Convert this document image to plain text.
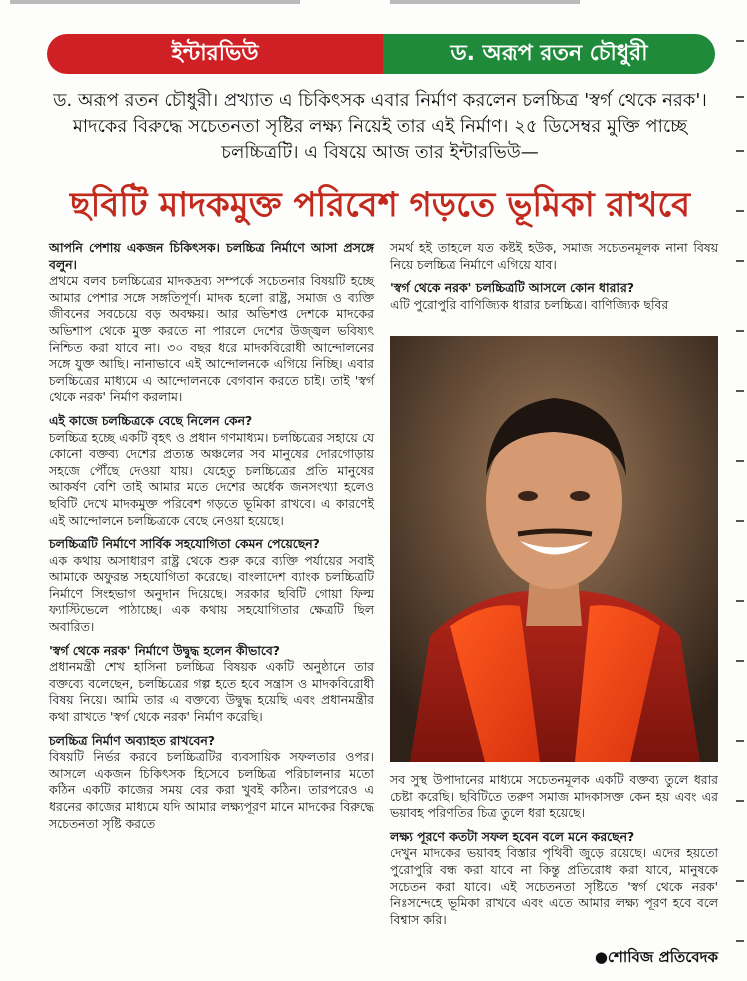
ইন্টারভিউ	ড. অরূপ রতন চৌধুরী
ড. অরূপ রতন চৌধুরী। প্রখ্যাত এ চিকিৎসক এবার নির্মাণ করলেন চলচ্চিত্র 'স্বর্গ থেকে নরক'। মাদকের বিরুদ্ধে সচেতনতা সৃষ্টির লক্ষ্য নিয়েই তার এই নির্মাণ। ২৫ ডিসেম্বর মুক্তি পাচ্ছে চলচ্চিত্রটি। এ বিষয়ে আজ তার ইন্টারভিউ—
ছবিটি মাদকমুক্ত পরিবেশ গড়তে ভূমিকা রাখবে

আপনি পেশায় একজন চিকিৎসক। চলচ্চিত্র নির্মাণে আসা প্রসঙ্গে বলুন।

প্রথমে বলব চলচ্চিত্রের মাদকদ্রব্য সম্পর্কে সচেতনার বিষয়টি হচ্ছে আমার পেশার সঙ্গে সঙ্গতিপূর্ণ। মাদক হলো রাষ্ট্র, সমাজ ও ব্যক্তি জীবনের সবচেয়ে বড় অবক্ষয়। আর অভিশপ্ত দেশকে মাদকের অভিশাপ থেকে মুক্ত করতে না পারলে দেশের উজ্জ্বল ভবিষ্যৎ নিশ্চিত করা যাবে না। ৩০ বছর ধরে মাদকবিরোধী আন্দোলনের সঙ্গে যুক্ত আছি। নানাভাবে এই আন্দোলনকে এগিয়ে নিচ্ছি। এবার চলচ্চিত্রের মাধ্যমে এ আন্দোলনকে বেগবান করতে চাই। তাই 'স্বর্গ থেকে নরক' নির্মাণ করলাম।

এই কাজে চলচ্চিত্রকে বেছে নিলেন কেন?

চলচ্চিত্র হচ্ছে একটি বৃহৎ ও প্রধান গণমাধ্যম। চলচ্চিত্রের সহায়ে যে কোনো বক্তব্য দেশের প্রত্যন্ত অঞ্চলের সব মানুষের দোরগোড়ায় সহজে পৌঁছে দেওয়া যায়। যেহেতু চলচ্চিত্রের প্রতি মানুষের আকর্ষণ বেশি তাই আমার মতে দেশের অর্ধেক জনসংখ্যা হলেও ছবিটি দেখে মাদকমুক্ত পরিবেশ গড়তে ভূমিকা রাখবে। এ কারণেই এই আন্দোলনে চলচ্চিত্রকে বেছে নেওয়া হয়েছে।

চলচ্চিত্রটি নির্মাণে সার্বিক সহযোগিতা কেমন পেয়েছেন?

এক কথায় অসাধারণ রাষ্ট্র থেকে শুরু করে ব্যক্তি পর্যায়ের সবাই আমাকে অফুরন্ত সহযোগিতা করেছে। বাংলাদেশ ব্যাংক চলচ্চিত্রটি নির্মাণে সিংহভাগ অনুদান দিয়েছে। সরকার ছবিটি গোয়া ফিল্ম ফ্যাস্টিভেলে পাঠাচ্ছে। এক কথায় সহযোগিতার ক্ষেত্রটি ছিল অবারিত।

'স্বর্গ থেকে নরক' নির্মাণে উদ্বুদ্ধ হলেন কীভাবে?

প্রধানমন্ত্রী শেখ হাসিনা চলচ্চিত্র বিষয়ক একটি অনুষ্ঠানে তার বক্তব্যে বলেছেন, চলচ্চিত্রের গল্প হতে হবে সন্ত্রাস ও মাদকবিরোধী বিষয় নিয়ে। আমি তার এ বক্তব্যে উদ্বুদ্ধ হয়েছি এবং প্রধানমন্ত্রীর কথা রাখতে 'স্বর্গ থেকে নরক' নির্মাণ করেছি।

চলচ্চিত্র নির্মাণ অব্যাহত রাখবেন?

বিষয়টি নির্ভর করবে চলচ্চিত্রটির ব্যবসায়িক সফলতার ওপর। আসলে একজন চিকিৎসক হিসেবে চলচ্চিত্র পরিচালনার মতো কঠিন একটি কাজের সময় বের করা খুবই কঠিন। তারপরেও এ ধরনের কাজের মাধ্যমে যদি আমার লক্ষ্যপূরণ মানে মাদকের বিরুদ্ধে সচেতনতা সৃষ্টি করতে

সমর্থ হই তাহলে যত কষ্টই হউক, সমাজ সচেতনমূলক নানা বিষয় নিয়ে চলচ্চিত্র নির্মাণে এগিয়ে যাব।

'স্বর্গ থেকে নরক' চলচ্চিত্রটি আসলে কোন ধারার?

এটি পুরোপুরি বাণিজ্যিক ধারার চলচ্চিত্র। বাণিজ্যিক ছবির

সব সুস্থ উপাদানের মাধ্যমে সচেতনমূলক একটি বক্তব্য তুলে ধরার চেষ্টা করেছি। ছবিটিতে তরুণ সমাজ মাদকাসক্ত কেন হয় এবং এর ভয়াবহ পরিণতির চিত্র তুলে ধরা হয়েছে।

লক্ষ্য পূরণে কতটা সফল হবেন বলে মনে করছেন?

দেখুন মাদকের ভয়াবহ বিস্তার পৃথিবী জুড়ে রয়েছে। এদের হয়তো পুরোপুরি বন্ধ করা যাবে না কিন্তু প্রতিরোধ করা যাবে, মানুষকে সচেতন করা যাবে। এই সচেতনতা সৃষ্টিতে 'স্বর্গ থেকে নরক' নিঃসন্দেহে ভূমিকা রাখবে এবং এতে আমার লক্ষ্য পূরণ হবে বলে বিশ্বাস করি।

●শোবিজ প্রতিবেদক
